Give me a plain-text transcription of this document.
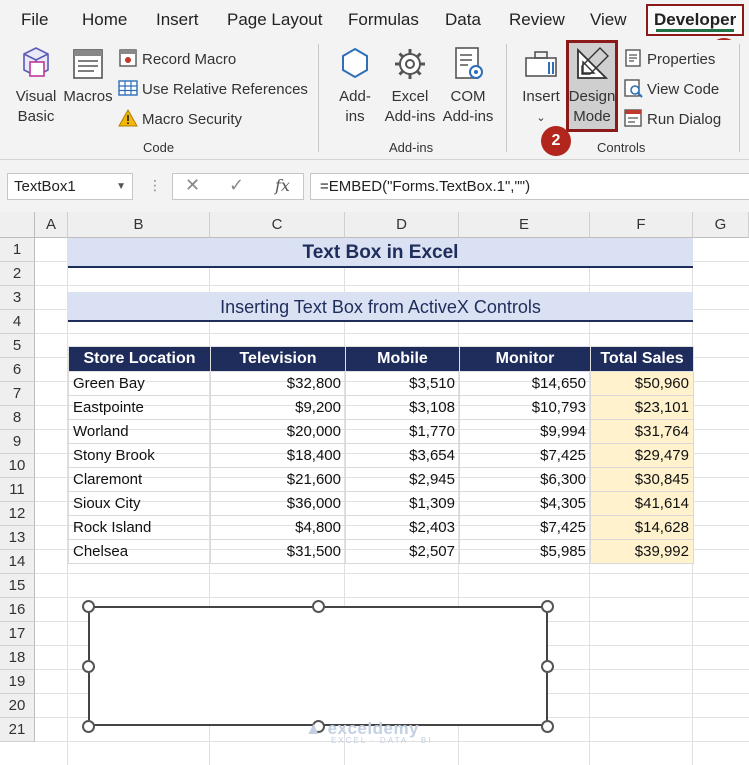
File Home Insert Page Layout Formulas Data Review View	Developer
Visual
Basic
Macros
Record Macro
Use Relative References
Macro Security
Code
Add-
ins
Excel
Add-ins
COM
Add-ins
Add-ins
Insert
⌄
Design
Mode
Properties
View Code
Run Dialog
Controls
2
TextBox1	▼ ⋮ ✕ ✓ fx	=EMBED("Forms.TextBox.1","")
A	B	C	D	E	F	G
1
2
3
4
5
6
7
8
9
10
11
12
13
14
15
16
17
18
19
20
21
Text Box in Excel
Inserting Text Box from ActiveX Controls
Store Location	Television	Mobile	Monitor	Total Sales
Green Bay	$32,800	$3,510	$14,650	$50,960
Eastpointe	$9,200	$3,108	$10,793	$23,101
Worland	$20,000	$1,770	$9,994	$31,764
Stony Brook	$18,400	$3,654	$7,425	$29,479
Claremont	$21,600	$2,945	$6,300	$30,845
Sioux City	$36,000	$1,309	$4,305	$41,614
Rock Island	$4,800	$2,403	$7,425	$14,628
Chelsea	$31,500	$2,507	$5,985	$39,992
▲ exceldemy
EXCEL · DATA · BI
